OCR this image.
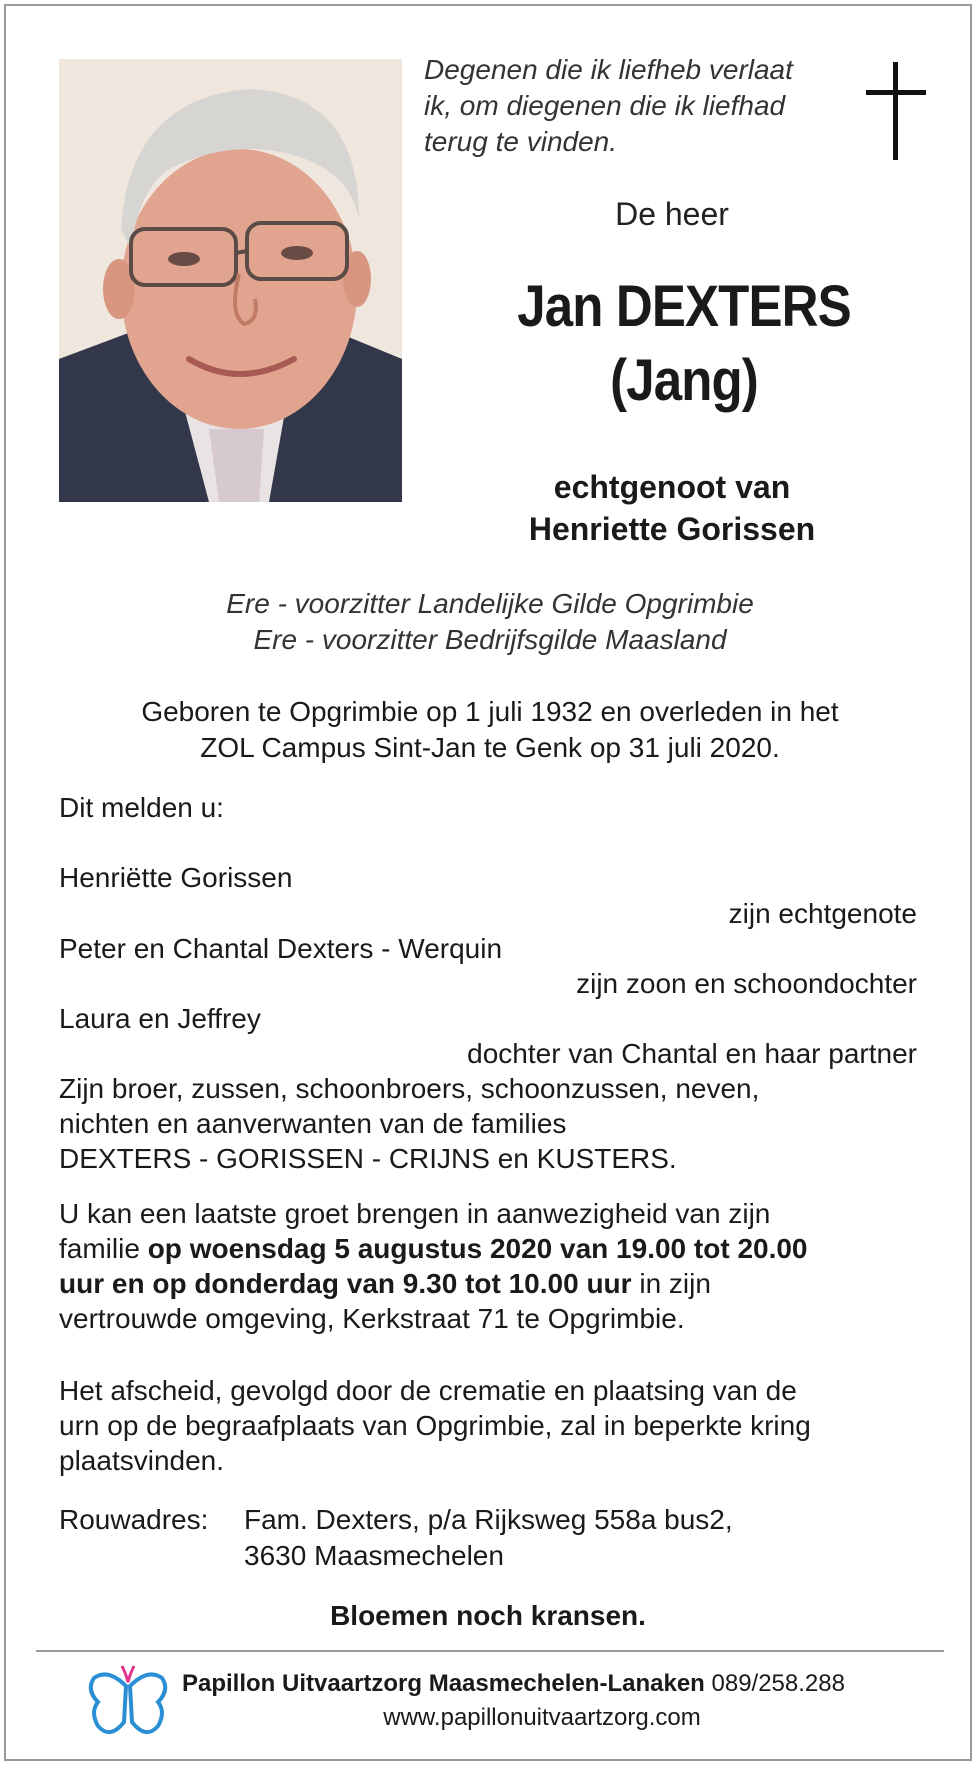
Degenen die ik liefheb verlaat
ik, om diegenen die ik liefhad
terug te vinden.
De heer
Jan DEXTERS
(Jang)
echtgenoot van
Henriette Gorissen
Ere - voorzitter Landelijke Gilde Opgrimbie
Ere - voorzitter Bedrijfsgilde Maasland
Geboren te Opgrimbie op 1 juli 1932 en overleden in het
ZOL Campus Sint-Jan te Genk op 31 juli 2020.
Dit melden u:
Henriëtte Gorissen
zijn echtgenote
Peter en Chantal Dexters - Werquin
zijn zoon en schoondochter
Laura en Jeffrey
dochter van Chantal en haar partner
Zijn broer, zussen, schoonbroers, schoonzussen, neven,
nichten en aanverwanten van de families
DEXTERS - GORISSEN - CRIJNS en KUSTERS.
U kan een laatste groet brengen in aanwezigheid van zijn
familie op woensdag 5 augustus 2020 van 19.00 tot 20.00
uur en op donderdag van 9.30 tot 10.00 uur in zijn
vertrouwde omgeving, Kerkstraat 71 te Opgrimbie.
Het afscheid, gevolgd door de crematie en plaatsing van de
urn op de begraafplaats van Opgrimbie, zal in beperkte kring
plaatsvinden.
Rouwadres: Fam. Dexters, p/a Rijksweg 558a bus2,
3630 Maasmechelen
Bloemen noch kransen.
Papillon Uitvaartzorg Maasmechelen-Lanaken 089/258.288
www.papillonuitvaartzorg.com
